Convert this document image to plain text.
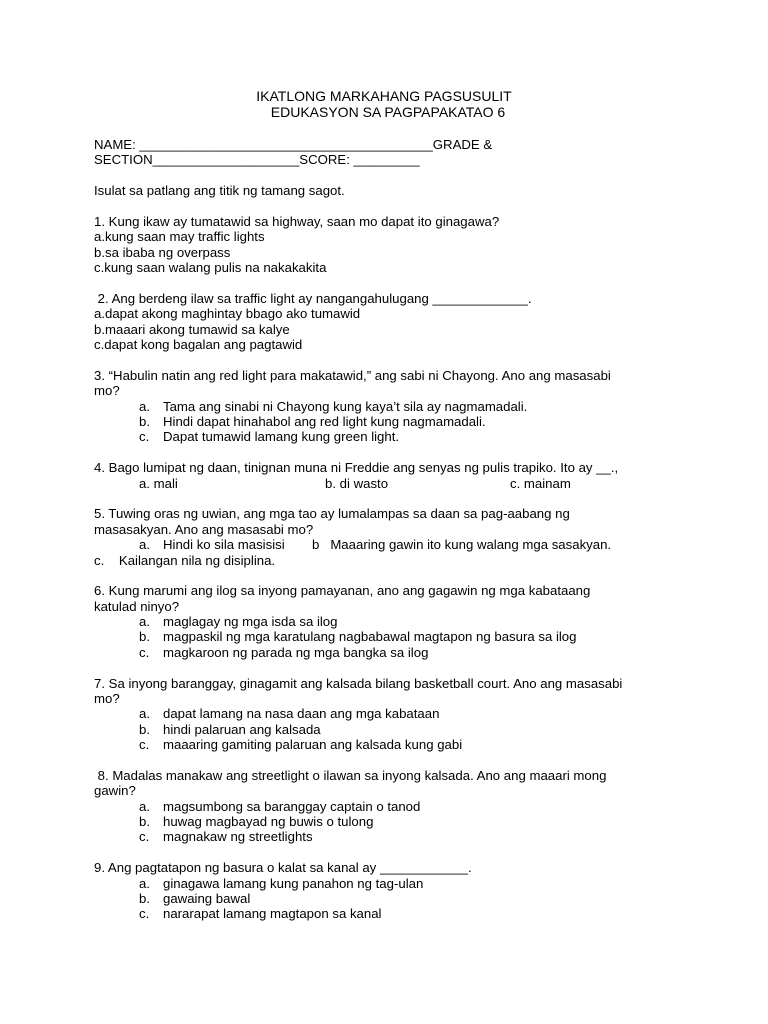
IKATLONG MARKAHANG PAGSUSULIT
EDUKASYON SA PAGPAPAKATAO 6
NAME: ________________________________________GRADE &
SECTION____________________SCORE: _________
Isulat sa patlang ang titik ng tamang sagot.
1. Kung ikaw ay tumatawid sa highway, saan mo dapat ito ginagawa?
a.kung saan may traffic lights
b.sa ibaba ng overpass
c.kung saan walang pulis na nakakakita
2. Ang berdeng ilaw sa traffic light ay nangangahulugang _____________.
a.dapat akong maghintay bbago ako tumawid
b.maaari akong tumawid sa kalye
c.dapat kong bagalan ang pagtawid
3. “Habulin natin ang red light para makatawid,” ang sabi ni Chayong. Ano ang masasabi
mo?
a. Tama ang sinabi ni Chayong kung kaya’t sila ay nagmamadali.
b. Hindi dapat hinahabol ang red light kung nagmamadali.
c. Dapat tumawid lamang kung green light.
4. Bago lumipat ng daan, tinignan muna ni Freddie ang senyas ng pulis trapiko. Ito ay __.,
a. mali	b. di wasto	c. mainam
5. Tuwing oras ng uwian, ang mga tao ay lumalampas sa daan sa pag-aabang ng
masasakyan. Ano ang masasabi mo?
a. Hindi ko sila masisisi b   Maaaring gawin ito kung walang mga sasakyan.
c.    Kailangan nila ng disiplina.
6. Kung marumi ang ilog sa inyong pamayanan, ano ang gagawin ng mga kabataang
katulad ninyo?
a. maglagay ng mga isda sa ilog
b. magpaskil ng mga karatulang nagbabawal magtapon ng basura sa ilog
c. magkaroon ng parada ng mga bangka sa ilog
7. Sa inyong baranggay, ginagamit ang kalsada bilang basketball court. Ano ang masasabi
mo?
a. dapat lamang na nasa daan ang mga kabataan
b. hindi palaruan ang kalsada
c. maaaring gamiting palaruan ang kalsada kung gabi
8. Madalas manakaw ang streetlight o ilawan sa inyong kalsada. Ano ang maaari mong
gawin?
a. magsumbong sa baranggay captain o tanod
b. huwag magbayad ng buwis o tulong
c. magnakaw ng streetlights
9. Ang pagtatapon ng basura o kalat sa kanal ay ____________.
a. ginagawa lamang kung panahon ng tag-ulan
b. gawaing bawal
c. nararapat lamang magtapon sa kanal
